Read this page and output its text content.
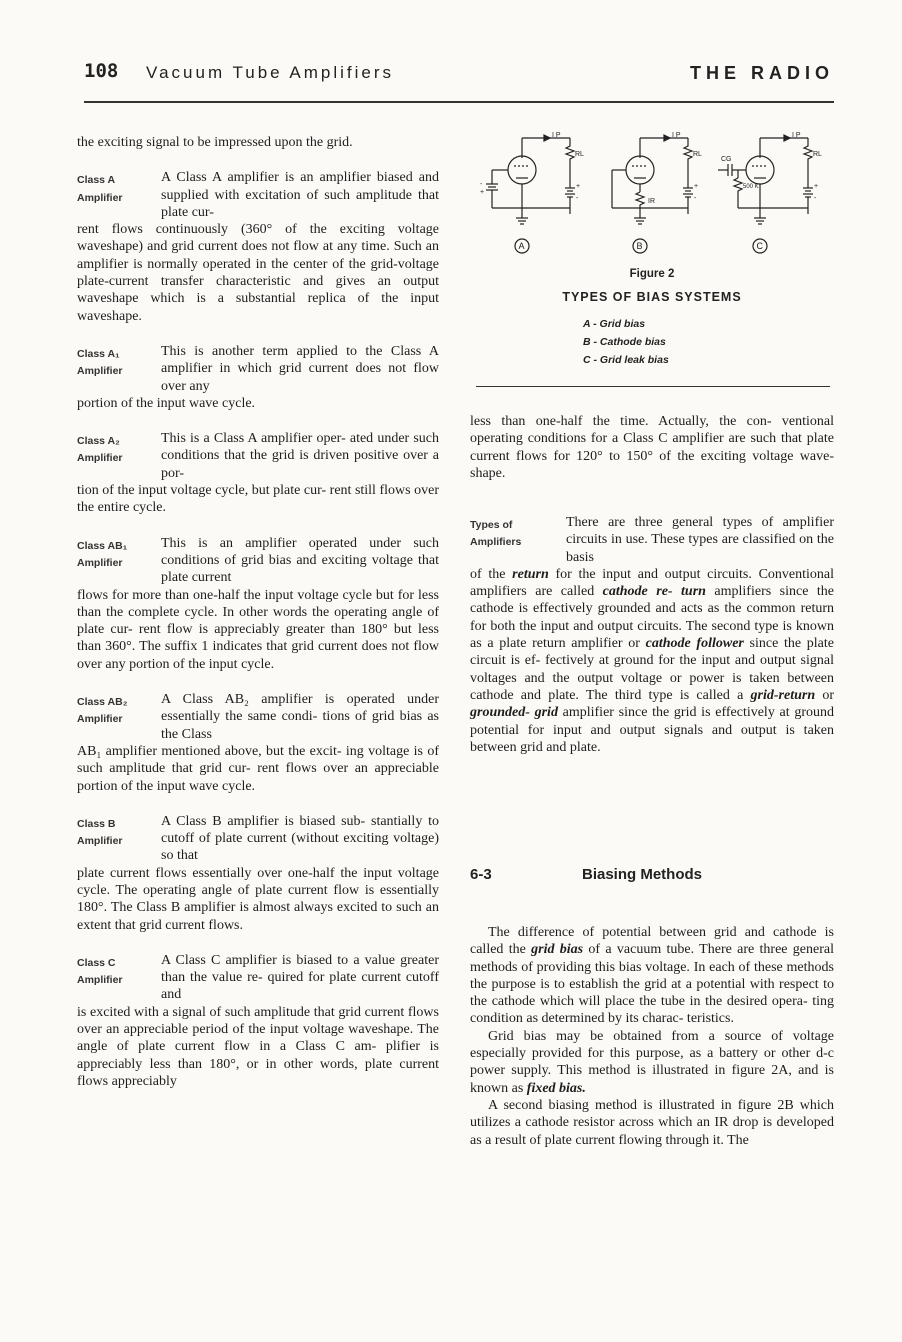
108 Vacuum Tube Amplifiers	THE RADIO

the exciting signal to be impressed upon the grid.

Class A
Amplifier

A Class A amplifier is an amplifier biased and supplied with excitation of such amplitude that plate cur-

rent flows continuously (360° of the exciting voltage waveshape) and grid current does not flow at any time. Such an amplifier is normally operated in the center of the grid-voltage plate-current transfer characteristic and gives an output waveshape which is a substantial replica of the input waveshape.

Class A₁
Amplifier

This is another term applied to the Class A amplifier in which grid current does not flow over any

portion of the input wave cycle.

Class A₂
Amplifier

This is a Class A amplifier oper- ated under such conditions that the grid is driven positive over a por-

tion of the input voltage cycle, but plate cur- rent still flows over the entire cycle.

Class AB₁
Amplifier

This is an amplifier operated under such conditions of grid bias and exciting voltage that plate current

flows for more than one-half the input voltage cycle but for less than the complete cycle. In other words the operating angle of plate cur- rent flow is appreciably greater than 180° but less than 360°. The suffix 1 indicates that grid current does not flow over any portion of the input cycle.

Class AB₂
Amplifier

A Class AB₂ amplifier is operated under essentially the same condi- tions of grid bias as the Class

AB₁ amplifier mentioned above, but the excit- ing voltage is of such amplitude that grid cur- rent flows over an appreciable portion of the input wave cycle.

Class B
Amplifier

A Class B amplifier is biased sub- stantially to cutoff of plate current (without exciting voltage) so that

plate current flows essentially over one-half the input voltage cycle. The operating angle of plate current flow is essentially 180°. The Class B amplifier is almost always excited to such an extent that grid current flows.

Class C
Amplifier

A Class C amplifier is biased to a value greater than the value re- quired for plate current cutoff and

is excited with a signal of such amplitude that grid current flows over an appreciable period of the input voltage waveshape. The angle of plate current flow in a Class C am- plifier is appreciably less than 180°, or in other words, plate current flows appreciably

I P
RL
+
-
-
+
A
I P
RL
IR
+
-
B
I P
RL
CG
500 K	+
-
C
Figure 2
TYPES OF BIAS SYSTEMS
A - Grid bias
B - Cathode bias
C - Grid leak bias

less than one-half the time. Actually, the con- ventional operating conditions for a Class C amplifier are such that plate current flows for 120° to 150° of the exciting voltage wave- shape.

Types of
Amplifiers

There are three general types of amplifier circuits in use. These types are classified on the basis

of the return for the input and output circuits. Conventional amplifiers are called cathode re- turn amplifiers since the cathode is effectively grounded and acts as the common return for both the input and output circuits. The second type is known as a plate return amplifier or cathode follower since the plate circuit is ef- fectively at ground for the input and output signal voltages and the output voltage or power is taken between cathode and plate. The third type is called a grid-return or grounded- grid amplifier since the grid is effectively at ground potential for input and output signals and output is taken between grid and plate.

6-3	Biasing Methods

The difference of potential between grid and cathode is called the grid bias of a vacuum tube. There are three general methods of providing this bias voltage. In each of these methods the purpose is to establish the grid at a potential with respect to the cathode which will place the tube in the desired opera- ting condition as determined by its charac- teristics.

Grid bias may be obtained from a source of voltage especially provided for this purpose, as a battery or other d-c power supply. This method is illustrated in figure 2A, and is known as fixed bias.

A second biasing method is illustrated in figure 2B which utilizes a cathode resistor across which an IR drop is developed as a result of plate current flowing through it. The
